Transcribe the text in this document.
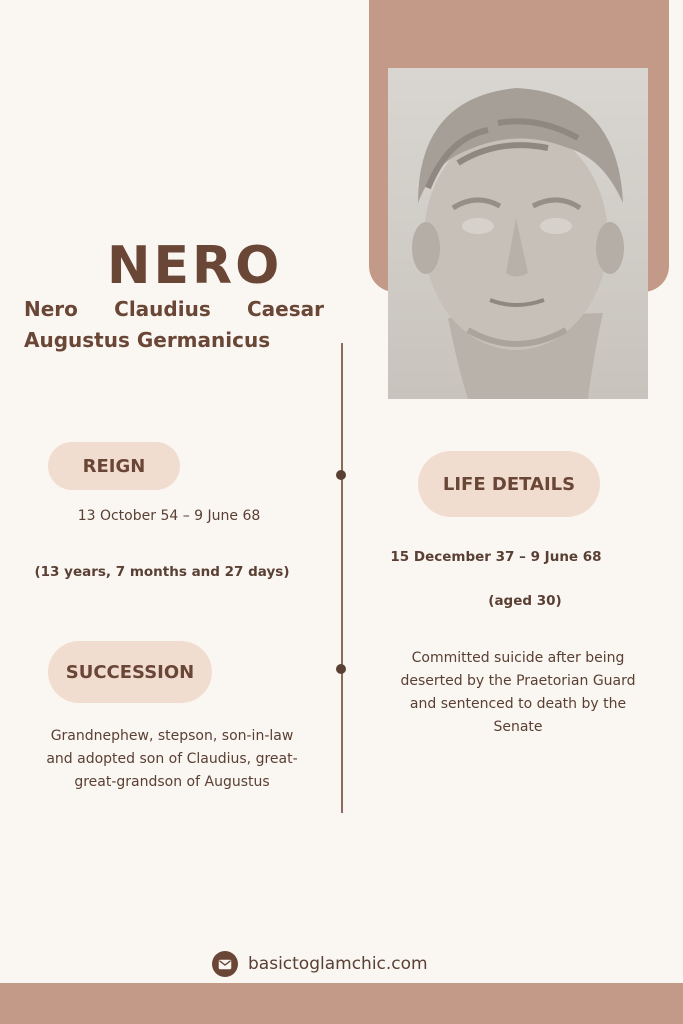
NERO
Nero Claudius Caesar
Augustus Germanicus
REIGN

13 October 54 – 9 June 68

(13 years, 7 months and 27 days)

LIFE DETAILS

15 December 37 – 9 June 68

(aged 30)

Committed suicide after being deserted by the Praetorian Guard and sentenced to death by the Senate

SUCCESSION

Grandnephew, stepson, son-in-law and adopted son of Claudius, great-great-grandson of Augustus

basictoglamchic.com
